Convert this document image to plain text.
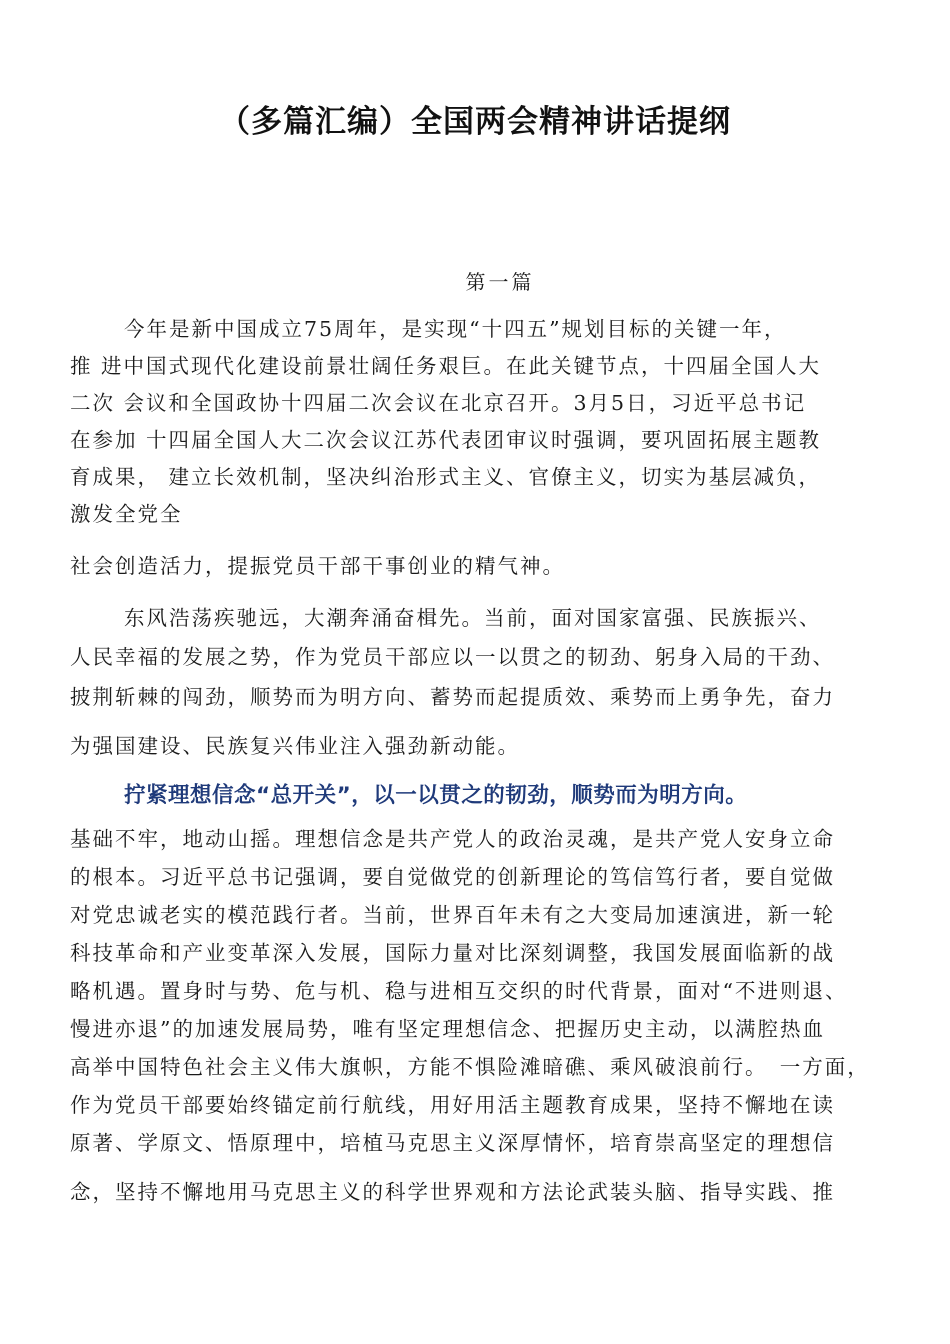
（多篇汇编）全国两会精神讲话提纲
第一篇
今年是新中国成立75周年，是实现“十四五”规划目标的关键一年，
推 进中国式现代化建设前景壮阔任务艰巨。在此关键节点，十四届全国人大
二次 会议和全国政协十四届二次会议在北京召开。3月5日，习近平总书记
在参加 十四届全国人大二次会议江苏代表团审议时强调，要巩固拓展主题教
育成果， 建立长效机制，坚决纠治形式主义、官僚主义，切实为基层减负，
激发全党全
社会创造活力，提振党员干部干事创业的精气神。
东风浩荡疾驰远，大潮奔涌奋楫先。当前，面对国家富强、民族振兴、
人民幸福的发展之势，作为党员干部应以一以贯之的韧劲、躬身入局的干劲、
披荆斩棘的闯劲，顺势而为明方向、蓄势而起提质效、乘势而上勇争先，奋力
为强国建设、民族复兴伟业注入强劲新动能。
拧紧理想信念“总开关”，以一以贯之的韧劲，顺势而为明方向。
基础不牢，地动山摇。理想信念是共产党人的政治灵魂，是共产党人安身立命
的根本。习近平总书记强调，要自觉做党的创新理论的笃信笃行者，要自觉做
对党忠诚老实的模范践行者。当前，世界百年未有之大变局加速演进，新一轮
科技革命和产业变革深入发展，国际力量对比深刻调整，我国发展面临新的战
略机遇。置身时与势、危与机、稳与进相互交织的时代背景，面对“不进则退、
慢进亦退”的加速发展局势，唯有坚定理想信念、把握历史主动，以满腔热血
高举中国特色社会主义伟大旗帜，方能不惧险滩暗礁、乘风破浪前行。　一方面，
作为党员干部要始终锚定前行航线，用好用活主题教育成果，坚持不懈地在读
原著、学原文、悟原理中，培植马克思主义深厚情怀，培育崇高坚定的理想信
念，坚持不懈地用马克思主义的科学世界观和方法论武装头脑、指导实践、推
